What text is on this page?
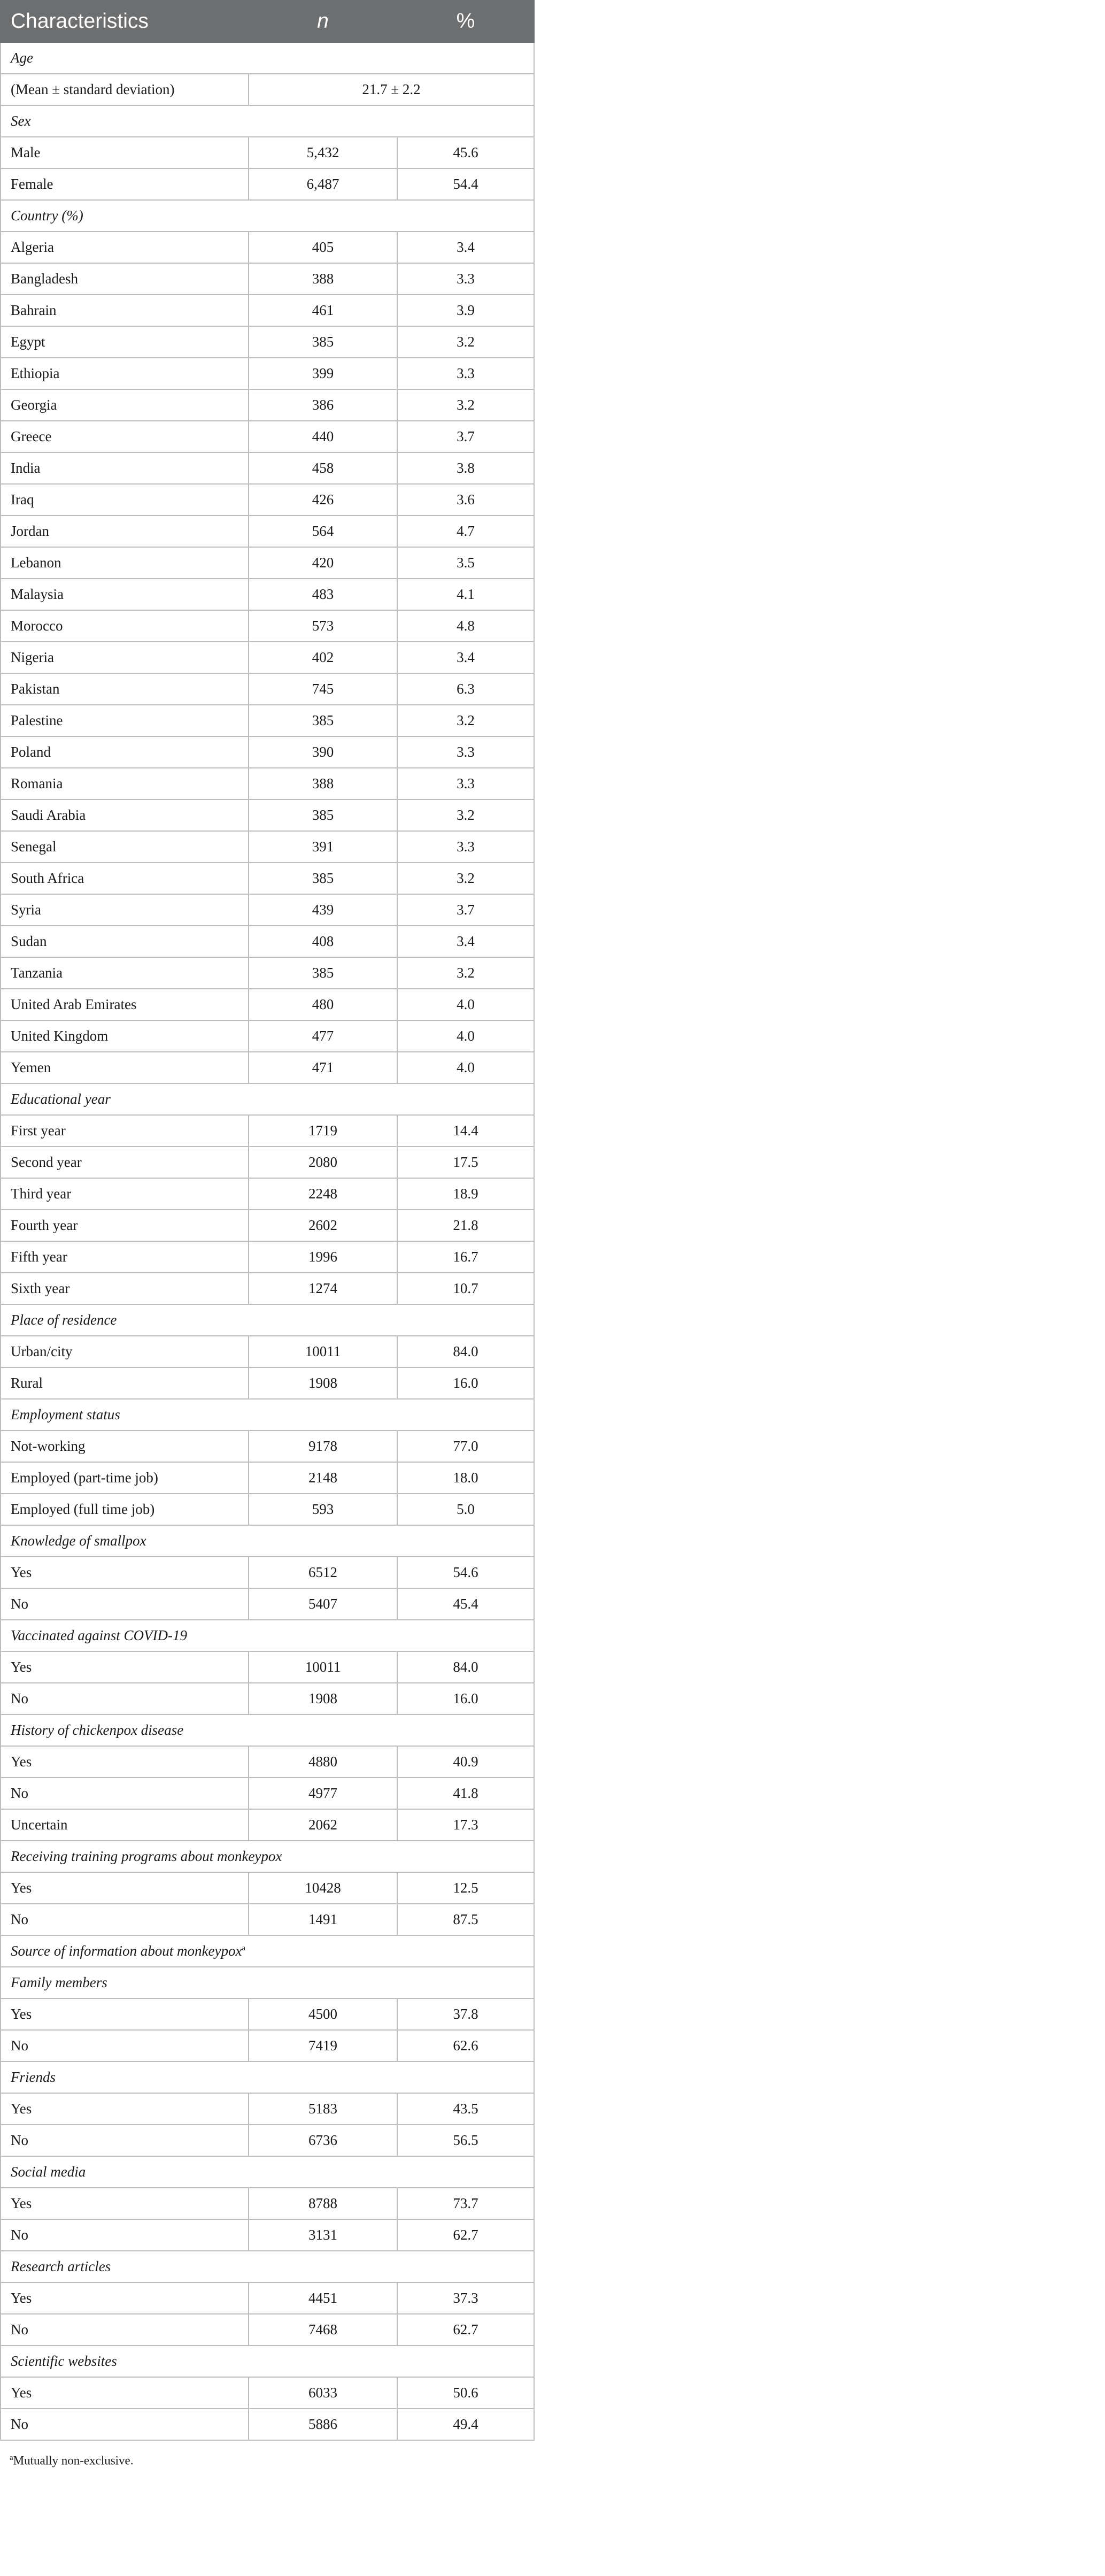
Characteristics	n	%
Age		
(Mean ± standard deviation)	21.7 ± 2.2	
Sex		
Male	5,432	45.6
Female	6,487	54.4
Country (%)		
Algeria	405	3.4
Bangladesh	388	3.3
Bahrain	461	3.9
Egypt	385	3.2
Ethiopia	399	3.3
Georgia	386	3.2
Greece	440	3.7
India	458	3.8
Iraq	426	3.6
Jordan	564	4.7
Lebanon	420	3.5
Malaysia	483	4.1
Morocco	573	4.8
Nigeria	402	3.4
Pakistan	745	6.3
Palestine	385	3.2
Poland	390	3.3
Romania	388	3.3
Saudi Arabia	385	3.2
Senegal	391	3.3
South Africa	385	3.2
Syria	439	3.7
Sudan	408	3.4
Tanzania	385	3.2
United Arab Emirates	480	4.0
United Kingdom	477	4.0
Yemen	471	4.0
Educational year		
First year	1719	14.4
Second year	2080	17.5
Third year	2248	18.9
Fourth year	2602	21.8
Fifth year	1996	16.7
Sixth year	1274	10.7
Place of residence		
Urban/city	10011	84.0
Rural	1908	16.0
Employment status		
Not-working	9178	77.0
Employed (part-time job)	2148	18.0
Employed (full time job)	593	5.0
Knowledge of smallpox		
Yes	6512	54.6
No	5407	45.4
Vaccinated against COVID-19		
Yes	10011	84.0
No	1908	16.0
History of chickenpox disease		
Yes	4880	40.9
No	4977	41.8
Uncertain	2062	17.3
Receiving training programs about monkeypox		
Yes	10428	12.5
No	1491	87.5
Source of information about monkeypox$^a$
Family members		
Yes	4500	37.8
No	7419	62.6
Friends		
Yes	5183	43.5
No	6736	56.5
Social media		
Yes	8788	73.7
No	3131	62.7
Research articles		
Yes	4451	37.3
No	7468	62.7
Scientific websites		
Yes	6033	50.6
No	5886	49.4
$^a$Mutually non-exclusive.
